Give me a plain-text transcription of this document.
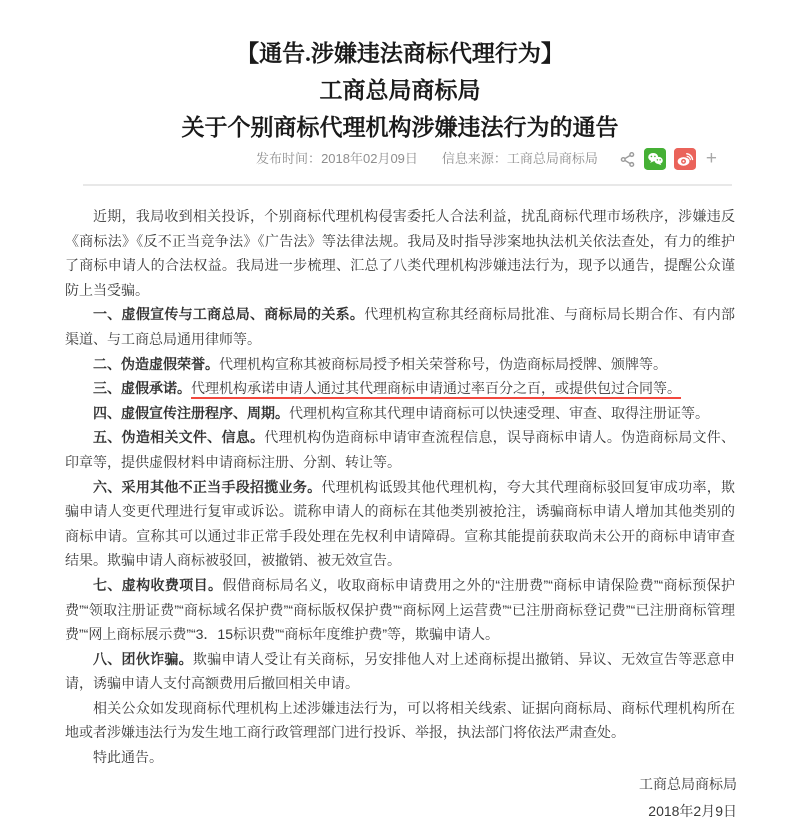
【通告.涉嫌违法商标代理行为】
工商总局商标局
关于个别商标代理机构涉嫌违法行为的通告
发布时间：2018年02月09日 信息来源：工商总局商标局	+

近期，我局收到相关投诉，个别商标代理机构侵害委托人合法利益，扰乱商标代理市场秩序，涉嫌违反《商标法》《反不正当竞争法》《广告法》等法律法规。我局及时指导涉案地执法机关依法查处，有力的维护了商标申请人的合法权益。我局进一步梳理、汇总了八类代理机构涉嫌违法行为，现予以通告，提醒公众谨防上当受骗。

一、虚假宣传与工商总局、商标局的关系。代理机构宣称其经商标局批准、与商标局长期合作、有内部渠道、与工商总局通用律师等。

二、伪造虚假荣誉。代理机构宣称其被商标局授予相关荣誉称号，伪造商标局授牌、颁牌等。

三、虚假承诺。代理机构承诺申请人通过其代理商标申请通过率百分之百，或提供包过合同等。

四、虚假宣传注册程序、周期。代理机构宣称其代理申请商标可以快速受理、审查、取得注册证等。

五、伪造相关文件、信息。代理机构伪造商标申请审查流程信息，误导商标申请人。伪造商标局文件、印章等，提供虚假材料申请商标注册、分割、转让等。

六、采用其他不正当手段招揽业务。代理机构诋毁其他代理机构，夸大其代理商标驳回复审成功率，欺骗申请人变更代理进行复审或诉讼。谎称申请人的商标在其他类别被抢注，诱骗商标申请人增加其他类别的商标申请。宣称其可以通过非正常手段处理在先权利申请障碍。宣称其能提前获取尚未公开的商标申请审查结果。欺骗申请人商标被驳回，被撤销、被无效宣告。

七、虚构收费项目。假借商标局名义，收取商标申请费用之外的“注册费”“商标申请保险费”“商标预保护费”“领取注册证费”“商标域名保护费”“商标版权保护费”“商标网上运营费”“已注册商标登记费”“已注册商标管理费”“网上商标展示费”“3．15标识费”“商标年度维护费”等，欺骗申请人。

八、团伙诈骗。欺骗申请人受让有关商标，另安排他人对上述商标提出撤销、异议、无效宣告等恶意申请，诱骗申请人支付高额费用后撤回相关申请。

相关公众如发现商标代理机构上述涉嫌违法行为，可以将相关线索、证据向商标局、商标代理机构所在地或者涉嫌违法行为发生地工商行政管理部门进行投诉、举报，执法部门将依法严肃查处。

特此通告。

工商总局商标局
2018年2月9日
